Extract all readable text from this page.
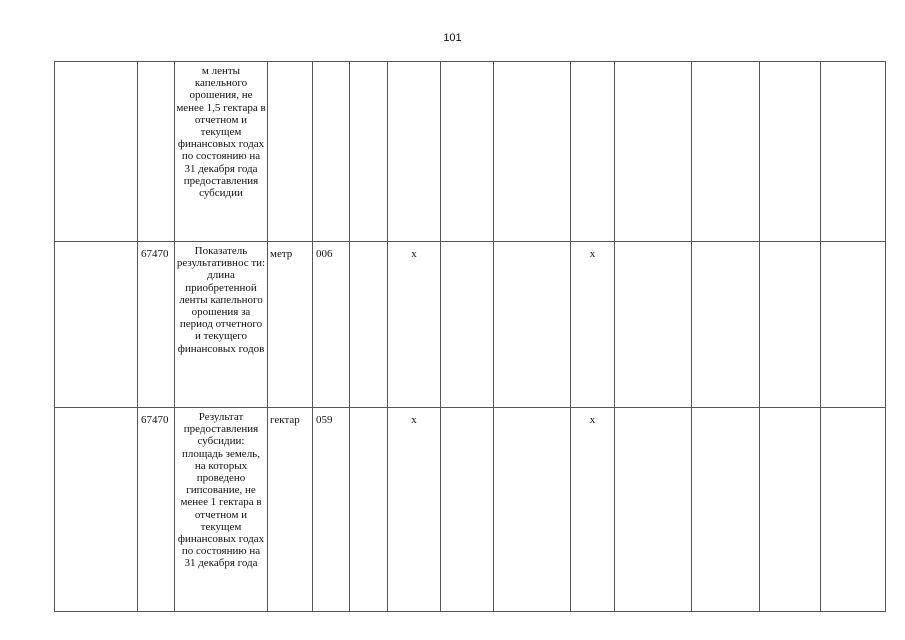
101
		м ленты капельного орошения, не менее 1,5 гектара в отчетном и текущем финансовых годах по состоянию на 31 декабря года предоставления субсидии											
	67470	Показатель результативнос ти: длина приобретенной ленты капельного орошения за период отчетного и текущего финансовых годов	метр	006		x			x				
	67470	Результат предоставления субсидии: площадь земель, на которых проведено гипсование, не менее 1 гектара в отчетном и текущем финансовых годах по состоянию на 31 декабря года	гектар	059		x			x				
